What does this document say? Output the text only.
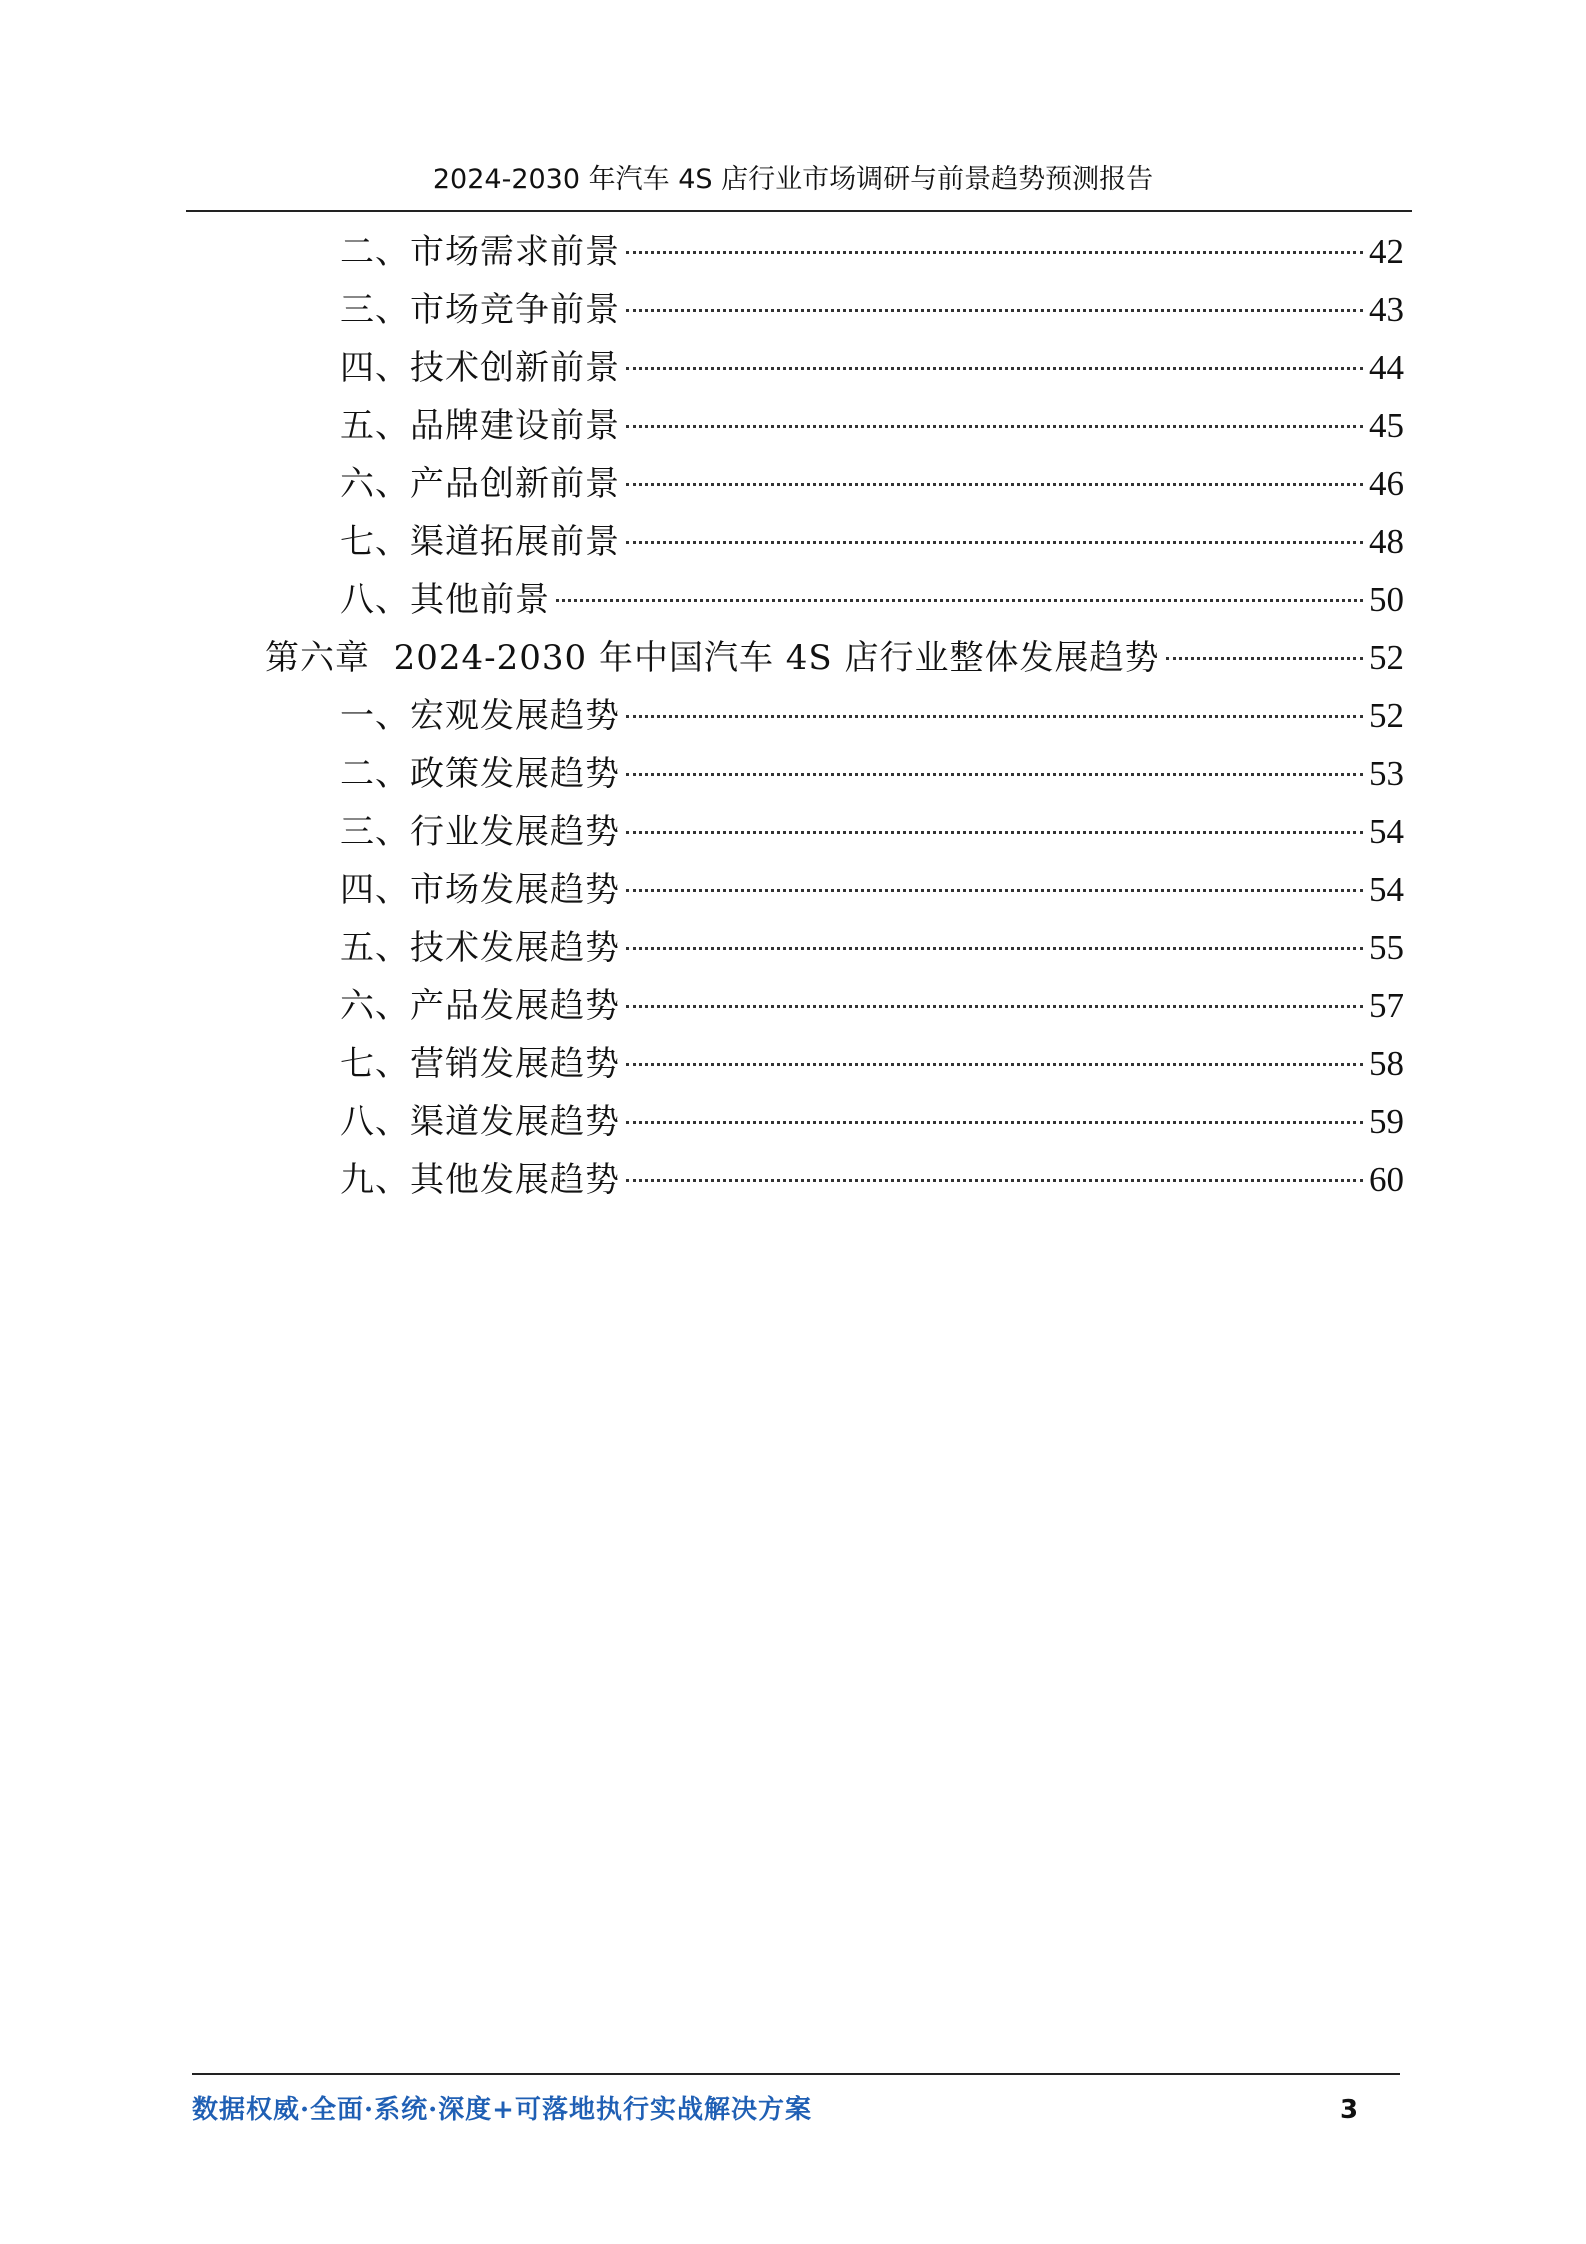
2024-2030 年汽车 4S 店行业市场调研与前景趋势预测报告
二、市场需求前景	42
三、市场竞争前景	43
四、技术创新前景	44
五、品牌建设前景	45
六、产品创新前景	46
七、渠道拓展前景	48
八、其他前景	50
第六章  2024-2030 年中国汽车 4S 店行业整体发展趋势	52
一、宏观发展趋势	52
二、政策发展趋势	53
三、行业发展趋势	54
四、市场发展趋势	54
五、技术发展趋势	55
六、产品发展趋势	57
七、营销发展趋势	58
八、渠道发展趋势	59
九、其他发展趋势	60
数据权威·全面·系统·深度+可落地执行实战解决方案	3
